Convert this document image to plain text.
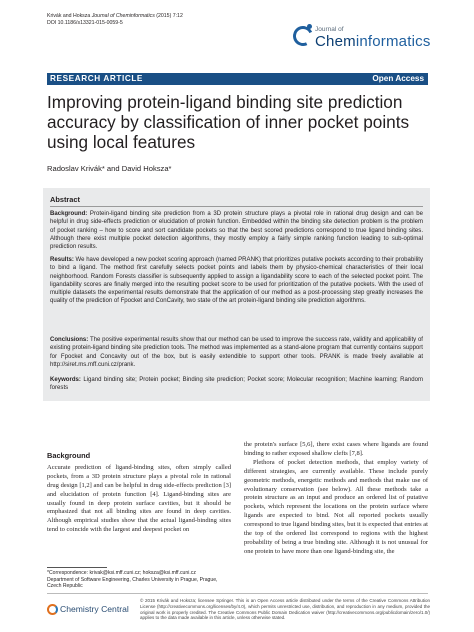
Krivák and Hoksza Journal of Cheminformatics (2015) 7:12
DOI 10.1186/s13321-015-0059-5
Journal of
Cheminformatics
RESEARCH ARTICLE	Open Access
Improving protein-ligand binding site prediction accuracy by classification of inner pocket points using local features
Radoslav Krivák* and David Hoksza*
Abstract
Background: Protein-ligand binding site prediction from a 3D protein structure plays a pivotal role in rational drug design and can be helpful in drug side-effects prediction or elucidation of protein function. Embedded within the binding site detection problem is the problem of pocket ranking – how to score and sort candidate pockets so that the best scored predictions correspond to true ligand binding sites. Although there exist multiple pocket detection algorithms, they mostly employ a fairly simple ranking function leading to sub-optimal prediction results.
Results: We have developed a new pocket scoring approach (named PRANK) that prioritizes putative pockets according to their probability to bind a ligand. The method first carefully selects pocket points and labels them by physico-chemical characteristics of their local neighborhood. Random Forests classifier is subsequently applied to assign a ligandability score to each of the selected pocket point. The ligandability scores are finally merged into the resulting pocket score to be used for prioritization of the putative pockets. With the used of multiple datasets the experimental results demonstrate that the application of our method as a post-processing step greatly increases the quality of the prediction of Fpocket and ConCavity, two state of the art protein-ligand binding site prediction algorithms.
Conclusions: The positive experimental results show that our method can be used to improve the success rate, validity and applicability of existing protein-ligand binding site prediction tools. The method was implemented as a stand-alone program that currently contains support for Fpocket and Concavity out of the box, but is easily extendible to support other tools. PRANK is made freely available at http://siret.ms.mff.cuni.cz/prank.
Keywords: Ligand binding site; Protein pocket; Binding site prediction; Pocket score; Molecular recognition; Machine learning; Random forests
Background

Accurate prediction of ligand-binding sites, often simply called pockets, from a 3D protein structure plays a pivotal role in rational drug design [1,2] and can be helpful in drug side-effects prediction [3] and elucidation of protein function [4]. Ligand-binding sites are usually found in deep protein surface cavities, but it should be emphasized that not all binding sites are found in deep cavities. Although empirical studies show that the actual ligand-binding sites tend to coincide with the largest and deepest pocket on

the protein's surface [5,6], there exist cases where ligands are found binding to rather exposed shallow clefts [7,8].

Plethora of pocket detection methods, that employ variety of different strategies, are currently available. These include purely geometric methods, energetic methods and methods that make use of evolutionary conservation (see below). All these methods take a protein structure as an input and produce an ordered list of putative pockets, which represent the locations on the protein surface where ligands are expected to bind. Not all reported pockets usually correspond to true ligand binding sites, but it is expected that entries at the top of the ordered list correspond to regions with the highest probability of being a true binding site. Although it is not unusual for one protein to have more than one ligand-binding site, the

*Correspondence: krivak@ksi.mff.cuni.cz; hoksza@ksi.mff.cuni.cz
Department of Software Engineering, Charles University in Prague, Prague, Czech Republic
Chemistry Central
© 2015 Krivák and Hoksza; licensee Springer. This is an Open Access article distributed under the terms of the Creative Commons Attribution License (http://creativecommons.org/licenses/by/4.0), which permits unrestricted use, distribution, and reproduction in any medium, provided the original work is properly credited. The Creative Commons Public Domain Dedication waiver (http://creativecommons.org/publicdomain/zero/1.0/) applies to the data made available in this article, unless otherwise stated.
